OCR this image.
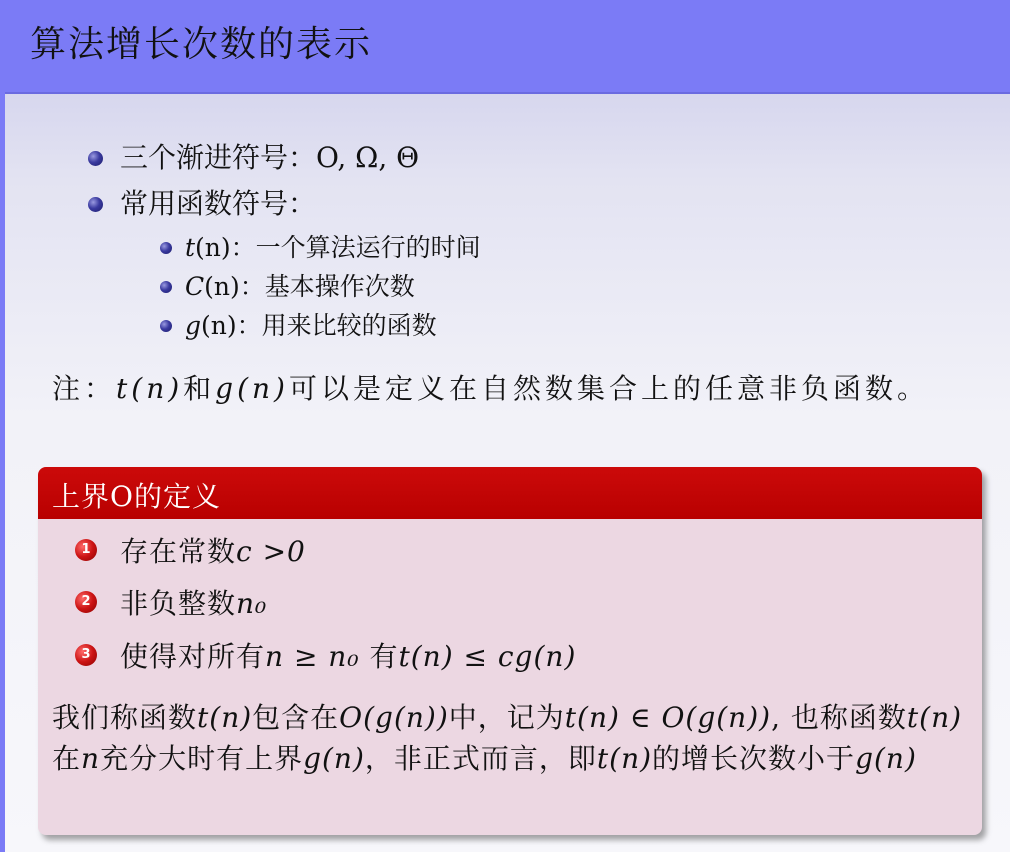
算法增长次数的表示
三个渐进符号：O, Ω, Θ
常用函数符号：
t(n)：一个算法运行的时间
C(n)：基本操作次数
g(n)：用来比较的函数
注：t(n)和g(n)可以是定义在自然数集合上的任意非负函数。
上界O的定义
1 存在常数c >0
2 非负整数n₀
3 使得对所有n ≥ n₀ 有t(n) ≤ cg(n)
我们称函数t(n)包含在O(g(n))中，记为t(n) ∈ O(g(n)), 也称函数t(n)在n充分大时有上界g(n)，非正式而言，即t(n)的增长次数小于g(n)
